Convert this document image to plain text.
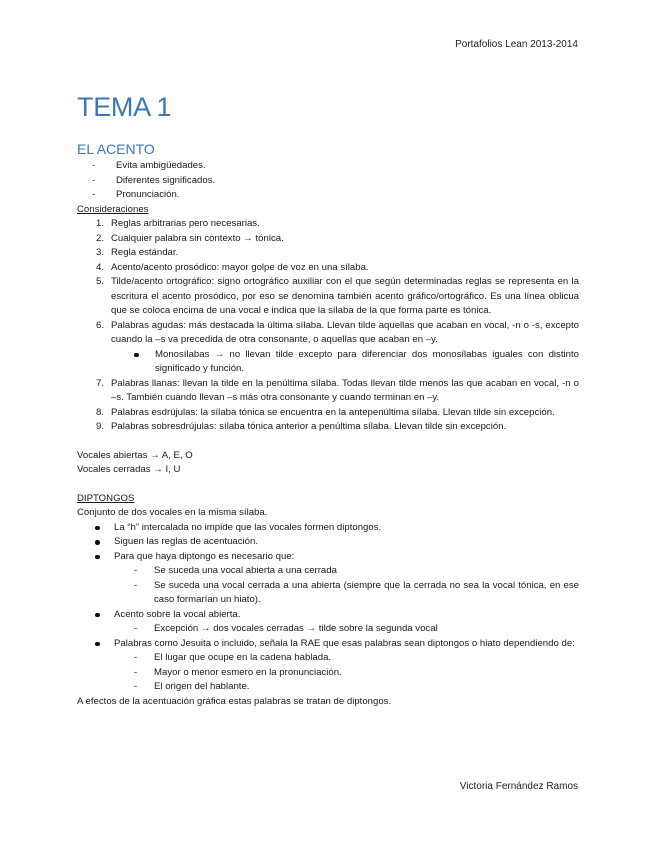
Portafolios Lean 2013-2014
TEMA 1
EL ACENTO
- Evita ambigüedades.
- Diferentes significados.
- Pronunciación.
Consideraciones
1. Reglas arbitrarias pero necesarias.
2. Cualquier palabra sin contexto → tónica.
3. Regla estándar.
4. Acento/acento prosódico: mayor golpe de voz en una sílaba.
5. Tilde/acento ortográfico: signo ortográfico auxiliar con el que según determinadas reglas se representa en la escritura el acento prosódico, por eso se denomina también acento gráfico/ortográfico. Es una línea oblicua que se coloca encima de una vocal e indica que la sílaba de la que forma parte es tónica.
6. Palabras agudas: más destacada la última sílaba. Llevan tilde aquellas que acaban en vocal, -n o -s, excepto cuando la –s va precedida de otra consonante, o aquellas que acaban en –y.
Monosílabas → no llevan tilde excepto para diferenciar dos monosílabas iguales con distinto significado y función.
7. Palabras llanas: llevan la tilde en la penúltima sílaba. Todas llevan tilde menos las que acaban en vocal, -n o –s. También cuando llevan –s más otra consonante y cuando terminan en –y.
8. Palabras esdrújulas: la sílaba tónica se encuentra en la antepenúltima sílaba. Llevan tilde sin excepción.
9. Palabras sobresdrújulas: sílaba tónica anterior a penúltima sílaba. Llevan tilde sin excepción.
Vocales abiertas → A, E, O
Vocales cerradas → I, U
DIPTONGOS
Conjunto de dos vocales en la misma sílaba.
La “h” intercalada no impide que las vocales formen diptongos.
Siguen las reglas de acentuación.
Para que haya diptongo es necesario que:
- Se suceda una vocal abierta a una cerrada
- Se suceda una vocal cerrada a una abierta (siempre que la cerrada no sea la vocal tónica, en ese caso formarían un hiato).
Acento sobre la vocal abierta.
- Excepción → dos vocales cerradas → tilde sobre la segunda vocal
Palabras como Jesuita o incluido, señala la RAE que esas palabras sean diptongos o hiato dependiendo de:
- El lugar que ocupe en la cadena hablada.
- Mayor o menor esmero en la pronunciación.
- El origen del hablante.
A efectos de la acentuación gráfica estas palabras se tratan de diptongos.
Victoria Fernández Ramos
